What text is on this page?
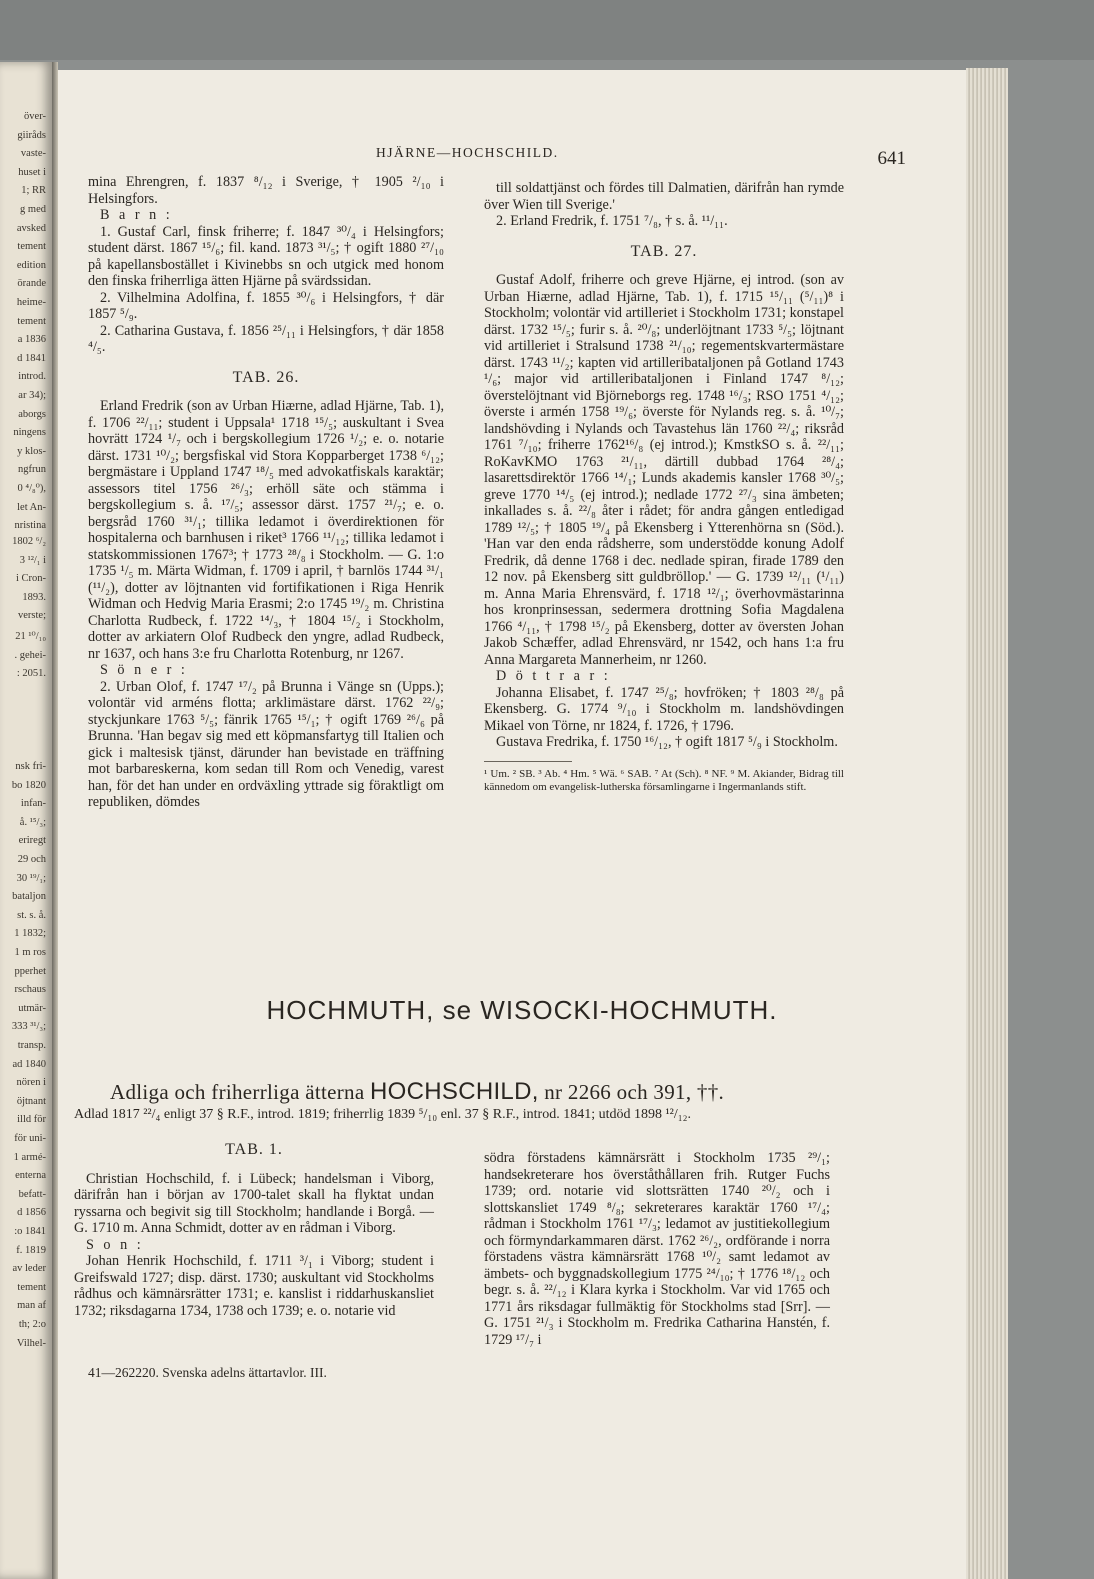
över-
giiråds
vaste-
huset i
1; RR
g med
avsked
tement
edition
örande
heime-
tement
a 1836
d 1841
introd.
ar 34);
aborgs
ningens
y klos-
ngfrun
0 ⁴/₈⁰),
let An-
nristina
1802 ⁶/₂
3 ¹²/₁ i
i Cron-
1893.
verste;
21 ¹⁰/₁₀
. gehei-
: 2051.
nsk fri-
bo 1820
infan-
å. ¹⁵/₃;
eriregt
29 och
30 ¹⁹/₁;
bataljon
st. s. å.
1 1832;
1 m ros
pperhet
rschaus
utmär-
333 ³¹/₃;
transp.
ad 1840
nören i
öjtnant
illd för
för uni-
1 armé-
enterna
befatt-
d 1856
:o 1841
f. 1819
av leder
tement
man af
th; 2:o
Vilhel-
HJÄRNE—HOCHSCHILD.	641

mina Ehrengren, f. 1837 ⁸/₁₂ i Sverige, † 1905 ²/₁₀ i Helsingfors.

B a r n :

1. Gustaf Carl, finsk friherre; f. 1847 ³⁰/₄ i Helsingfors; student därst. 1867 ¹⁵/₆; fil. kand. 1873 ³¹/₅; † ogift 1880 ²⁷/₁₀ på kapellansbostället i Kivinebbs sn och utgick med honom den finska friherrliga ätten Hjärne på svärdssidan.

2. Vilhelmina Adolfina, f. 1855 ³⁰/₆ i Helsingfors, † där 1857 ⁵/₉.

2. Catharina Gustava, f. 1856 ²⁵/₁₁ i Helsingfors, † där 1858 ⁴/₅.

TAB. 26.

Erland Fredrik (son av Urban Hiærne, adlad Hjärne, Tab. 1), f. 1706 ²²/₁₁; student i Uppsala¹ 1718 ¹⁵/₅; auskultant i Svea hovrätt 1724 ¹/₇ och i bergskollegium 1726 ¹/₂; e. o. notarie därst. 1731 ¹⁰/₂; bergsfiskal vid Stora Kopparberget 1738 ⁶/₁₂; bergmästare i Uppland 1747 ¹⁸/₅ med advokatfiskals karaktär; assessors titel 1756 ²⁶/₃; erhöll säte och stämma i bergskollegium s. å. ¹⁷/₅; assessor därst. 1757 ²¹/₇; e. o. bergsråd 1760 ³¹/₁; tillika ledamot i överdirektionen för hospitalerna och barnhusen i riket³ 1766 ¹¹/₁₂; tillika ledamot i statskommissionen 1767³; † 1773 ²⁸/₈ i Stockholm. — G. 1:o 1735 ¹/₅ m. Märta Widman, f. 1709 i april, † barnlös 1744 ³¹/₁ (¹¹/₂), dotter av löjtnanten vid fortifikationen i Riga Henrik Widman och Hedvig Maria Erasmi; 2:o 1745 ¹⁹/₂ m. Christina Charlotta Rudbeck, f. 1722 ¹⁴/₃, † 1804 ¹⁵/₂ i Stockholm, dotter av arkiatern Olof Rudbeck den yngre, adlad Rudbeck, nr 1637, och hans 3:e fru Charlotta Rotenburg, nr 1267.

S ö n e r :

2. Urban Olof, f. 1747 ¹⁷/₂ på Brunna i Vänge sn (Upps.); volontär vid arméns flotta; arklimästare därst. 1762 ²²/₉; styckjunkare 1763 ⁵/₅; fänrik 1765 ¹⁵/₁; † ogift 1769 ²⁶/₆ på Brunna. 'Han begav sig med ett köpmansfartyg till Italien och gick i maltesisk tjänst, därunder han bevistade en träffning mot barbareskerna, kom sedan till Rom och Venedig, varest han, för det han under en ordväxling yttrade sig föraktligt om republiken, dömdes

till soldattjänst och fördes till Dalmatien, därifrån han rymde över Wien till Sverige.'

2. Erland Fredrik, f. 1751 ⁷/₈, † s. å. ¹¹/₁₁.

TAB. 27.

Gustaf Adolf, friherre och greve Hjärne, ej introd. (son av Urban Hiærne, adlad Hjärne, Tab. 1), f. 1715 ¹⁵/₁₁ (⁵/₁₁)⁸ i Stockholm; volontär vid artilleriet i Stockholm 1731; konstapel därst. 1732 ¹⁵/₅; furir s. å. ²⁰/₈; underlöjtnant 1733 ⁵/₅; löjtnant vid artilleriet i Stralsund 1738 ²¹/₁₀; regementskvartermästare därst. 1743 ¹¹/₂; kapten vid artilleribataljonen på Gotland 1743 ¹/₆; major vid artilleribataljonen i Finland 1747 ⁸/₁₂; överstelöjtnant vid Björneborgs reg. 1748 ¹⁶/₃; RSO 1751 ⁴/₁₂; överste i armén 1758 ¹⁹/₆; överste för Nylands reg. s. å. ¹⁰/₇; landshövding i Nylands och Tavastehus län 1760 ²²/₄; riksråd 1761 ⁷/₁₀; friherre 1762¹⁶/₈ (ej introd.); KmstkSO s. å. ²²/₁₁; RoKavKMO 1763 ²¹/₁₁, därtill dubbad 1764 ²⁸/₄; lasarettsdirektör 1766 ¹⁴/₁; Lunds akademis kansler 1768 ³⁰/₅; greve 1770 ¹⁴/₅ (ej introd.); nedlade 1772 ²⁷/₃ sina ämbeten; inkallades s. å. ²²/₈ åter i rådet; för andra gången entledigad 1789 ¹²/₅; † 1805 ¹⁹/₄ på Ekensberg i Ytterenhörna sn (Söd.). 'Han var den enda rådsherre, som understödde konung Adolf Fredrik, då denne 1768 i dec. nedlade spiran, firade 1789 den 12 nov. på Ekensberg sitt guldbröllop.' — G. 1739 ¹²/₁₁ (¹/₁₁) m. Anna Maria Ehrensvärd, f. 1718 ¹²/₁; överhovmästarinna hos kronprinsessan, sedermera drottning Sofia Magdalena 1766 ⁴/₁₁, † 1798 ¹⁵/₂ på Ekensberg, dotter av översten Johan Jakob Schæffer, adlad Ehrensvärd, nr 1542, och hans 1:a fru Anna Margareta Mannerheim, nr 1260.

D ö t t r a r :

Johanna Elisabet, f. 1747 ²⁵/₈; hovfröken; † 1803 ²⁸/₈ på Ekensberg. G. 1774 ⁹/₁₀ i Stockholm m. landshövdingen Mikael von Törne, nr 1824, f. 1726, † 1796.

Gustava Fredrika, f. 1750 ¹⁶/₁₂, † ogift 1817 ⁵/₉ i Stockholm.

¹ Um. ² SB. ³ Ab. ⁴ Hm. ⁵ Wä. ⁶ SAB. ⁷ At (Sch). ⁸ NF. ⁹ M. Akiander, Bidrag till kännedom om evangelisk-lutherska församlingarne i Ingermanlands stift.
HOCHMUTH, se WISOCKI-HOCHMUTH.
Adliga och friherrliga ätterna HOCHSCHILD, nr 2266 och 391, ††.
Adlad 1817 ²²/₄ enligt 37 § R.F., introd. 1819; friherrlig 1839 ⁵/₁₀ enl. 37 § R.F., introd. 1841; utdöd 1898 ¹²/₁₂.

TAB. 1.

Christian Hochschild, f. i Lübeck; handelsman i Viborg, därifrån han i början av 1700-talet skall ha flyktat undan ryssarna och begivit sig till Stockholm; handlande i Borgå. — G. 1710 m. Anna Schmidt, dotter av en rådman i Viborg.

S o n :

Johan Henrik Hochschild, f. 1711 ³/₁ i Viborg; student i Greifswald 1727; disp. därst. 1730; auskultant vid Stockholms rådhus och kämnärsrätter 1731; e. kanslist i riddarhuskansliet 1732; riksdagarna 1734, 1738 och 1739; e. o. notarie vid

södra förstadens kämnärsrätt i Stockholm 1735 ²⁹/₁; handsekreterare hos överståthållaren frih. Rutger Fuchs 1739; ord. notarie vid slottsrätten 1740 ²⁰/₂ och i slottskansliet 1749 ⁸/₈; sekreterares karaktär 1760 ¹⁷/₄; rådman i Stockholm 1761 ¹⁷/₃; ledamot av justitiekollegium och förmyndarkammaren därst. 1762 ²⁶/₂, ordförande i norra förstadens västra kämnärsrätt 1768 ¹⁰/₂ samt ledamot av ämbets- och byggnadskollegium 1775 ²⁴/₁₀; † 1776 ¹⁸/₁₂ och begr. s. å. ²²/₁₂ i Klara kyrka i Stockholm. Var vid 1765 och 1771 års riksdagar fullmäktig för Stockholms stad [Srr]. — G. 1751 ²¹/₃ i Stockholm m. Fredrika Catharina Hanstén, f. 1729 ¹⁷/₇ i

41—262220. Svenska adelns ättartavlor. III.
